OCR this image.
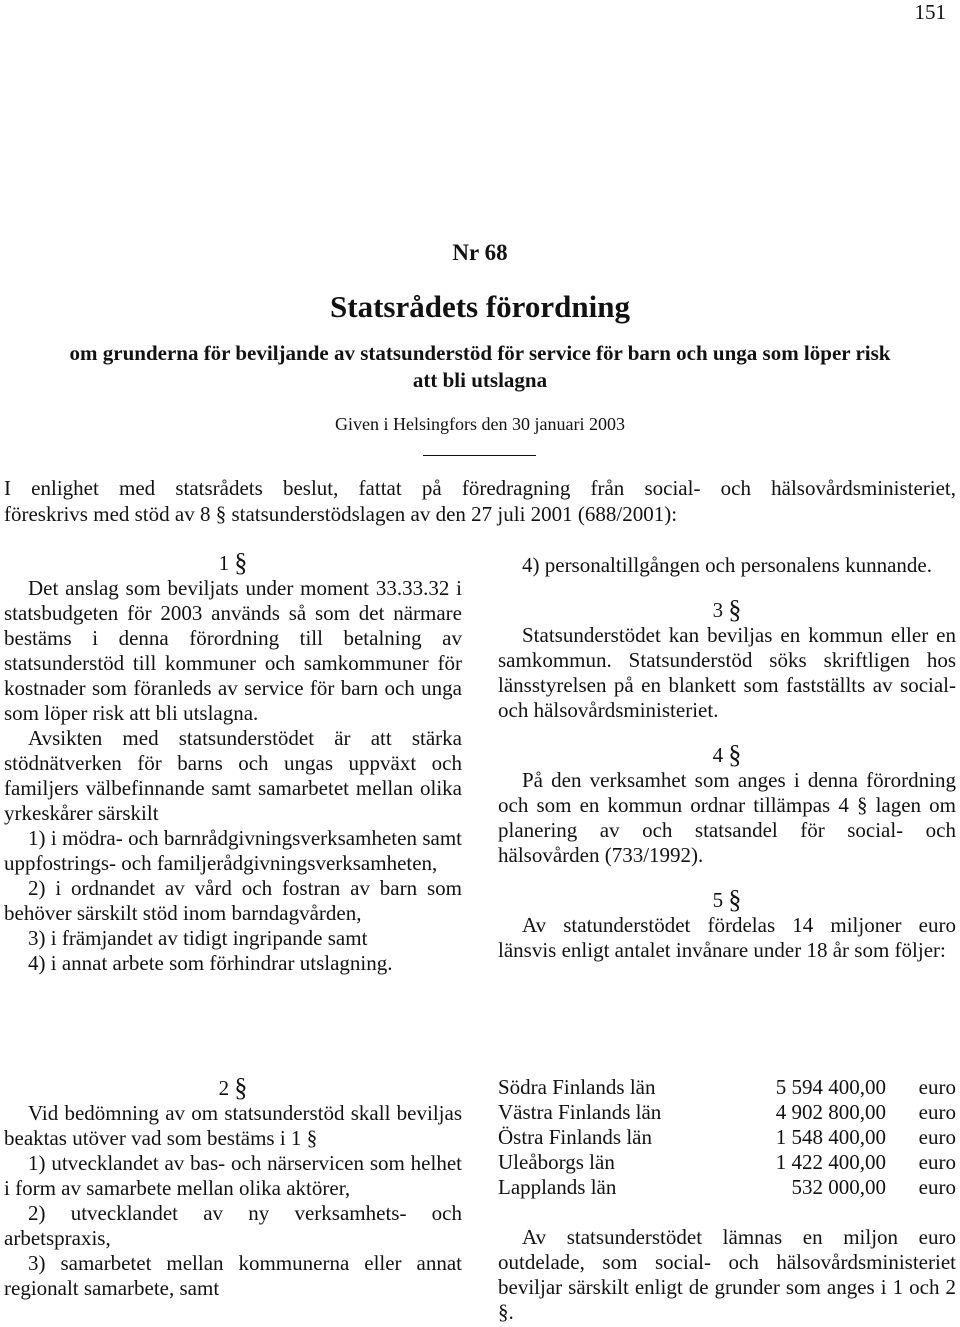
151
Nr 68
Statsrådets förordning
om grunderna för beviljande av statsunderstöd för service för barn och unga som löper risk
att bli utslagna
Given i Helsingfors den 30 januari 2003
I enlighet med statsrådets beslut, fattat på föredragning från social- och hälsovårdsministeriet,
föreskrivs med stöd av 8 § statsunderstödslagen av den 27 juli 2001 (688/2001):
1 §

Det anslag som beviljats under moment 33.33.32 i statsbudgeten för 2003 används så som det närmare bestäms i denna förordning till betalning av statsunderstöd till kommuner och samkommuner för kostnader som föranleds av service för barn och unga som löper risk att bli utslagna.

Avsikten med statsunderstödet är att stärka stödnätverken för barns och ungas uppväxt och familjers välbefinnande samt samarbetet mellan olika yrkeskårer särskilt

1) i mödra- och barnrådgivningsverksamheten samt uppfostrings- och familjerådgivningsverksamheten,

2) i ordnandet av vård och fostran av barn som behöver särskilt stöd inom barndagvården,

3) i främjandet av tidigt ingripande samt

4) i annat arbete som förhindrar utslagning.

2 §

Vid bedömning av om statsunderstöd skall beviljas beaktas utöver vad som bestäms i 1 §

1) utvecklandet av bas- och närservicen som helhet i form av samarbete mellan olika aktörer,

2) utvecklandet av ny verksamhets- och arbetspraxis,

3) samarbetet mellan kommunerna eller annat regionalt samarbete, samt

4) personaltillgången och personalens kunnande.

3 §

Statsunderstödet kan beviljas en kommun eller en samkommun. Statsunderstöd söks skriftligen hos länsstyrelsen på en blankett som fastställts av social- och hälsovårdsministeriet.

4 §

På den verksamhet som anges i denna förordning och som en kommun ordnar tillämpas 4 § lagen om planering av och statsandel för social- och hälsovården (733/1992).

5 §

Av statunderstödet fördelas 14 miljoner euro länsvis enligt antalet invånare under 18 år som följer:

Södra Finlands län	5 594 400,00	euro
Västra Finlands län	4 902 800,00	euro
Östra Finlands län	1 548 400,00	euro
Uleåborgs län	1 422 400,00	euro
Lapplands län	532 000,00	euro

Av statsunderstödet lämnas en miljon euro outdelade, som social- och hälsovårdsministeriet beviljar särskilt enligt de grunder som anges i 1 och 2 §.
